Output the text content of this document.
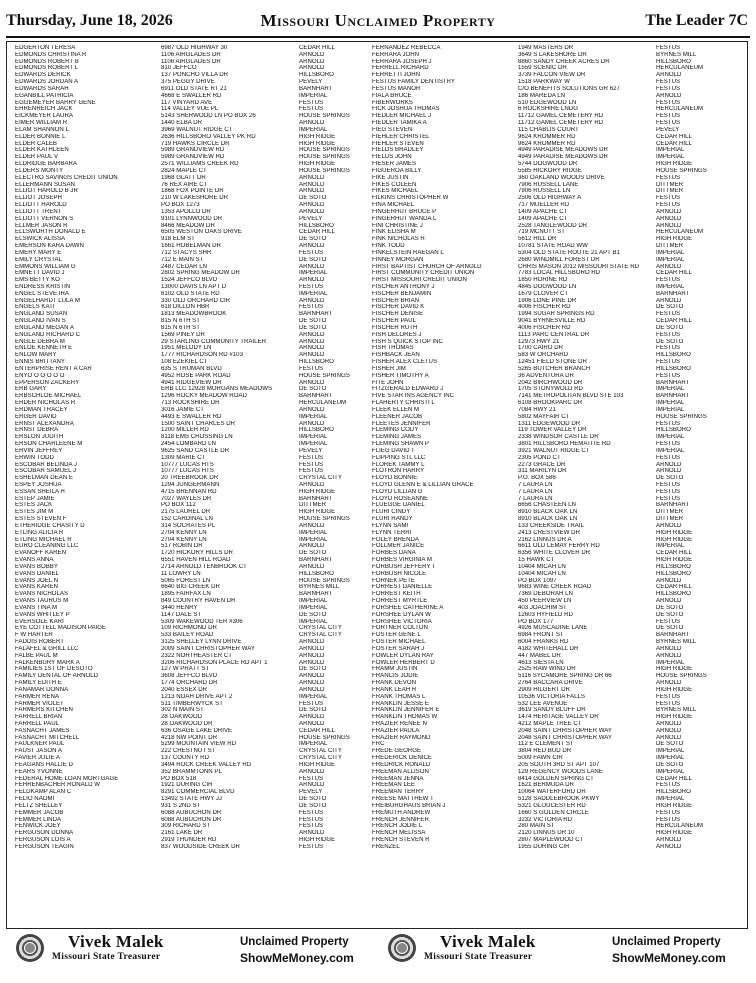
Thursday, June 18, 2026	Missouri Unclaimed Property	The Leader 7C
EDGERTON TERESA	6987 OLD HIGHWAY 30	CEDAR HILL
EDMONDS CHRISTINA R	1106 AIRGLADES DR	ARNOLD
EDMONDS ROBERT B	1106 AIRGLADES DR	ARNOLD
EDMONDS ROBERT L	810 JEFFCO	ARNOLD
EDWARDS DERICK	137 PONCHO VILLA DR	HILLSBORO
EDWARDS JORDAN A	375 PEGGY DRIVE	PEVELY
EDWARDS SARAH	6911 OLD STATE RT 21	BARNHART
EGANBILL PATRICIA	4668 E SWALLER RD	IMPERIAL
EGGEMEYER BARRY GENE	117 VINYARD AVE	FESTUS
EHRENREICH JACK	114 VALLEY VUE PL	FESTUS
EICKMEYER LAURA	5143 SHERWOOD LN PO BOX 26	HOUSE SPRINGS
EIMER WILLIAM R	1440 ELBA DR	ARNOLD
ELAM SHANNON L	3969 WALNUT RIDGE CT	IMPERIAL
ELDER BONNIE L	2636 HILLSBORO VALLEY PK RD	HIGH RIDGE
ELDER CALEB	719 HAWKS CIRCLE DR	HIGH RIDGE
ELDER KATHLEEN	5989 GRANDVIEW RD	HOUSE SPRINGS
ELDER PAUL V	5989 GRANDVIEW RD	HOUSE SPRINGS
ELDRIDGE BARBARA	2571 WILLIAMS CREEK RD	HIGH RIDGE
ELDERS MONTY	2824 MAPLE CT	HOUSE SPRINGS
ELECTRO SAVINGS CREDIT UNION	1968 GLATT DR	ARNOLD
ELLERMANN SUSAN	76 REX AIRE CT	ARNOLD
ELLIOT HAROLD B JR	1868 FOX POINTE DR	ARNOLD
ELLIOT JOSEPH	210 W LAKESHORE DR	DE SOTO
ELLIOTT HAROLD	PO BOX 1273	ARNOLD
ELLIOTT TRENT	1353 APOLLO DR	ARNOLD
ELLIOTT VERNON S	9101 LYNNWOOD DR	PEVELY
ELLMER JASON R	8466 MEADOW DR	HILLSBORO
ELLSWORTH DONALD E	6505 WESTON OAKS DRIVE	CEDAR HILL
ELSWICK ALISSA	918 ELM ST	DE SOTO
EMERSON KARA DAWN	1661 HOBELMAN DR	ARNOLD
EMERY MARY E	712 STACYS SHR	FESTUS
EMILY CRYSTAL	712 E MAIN ST	DE SOTO
EMMONS WILLIAM G	2487 CEDAR LN	ARNOLD
EMNETT DAVID J	2802 SPRING MEADOW DR	IMPERIAL
EMS BETTY KO	1524 JEFFCO BLVD	ARNOLD
ENDRESS KRISTIN	13000 DAVIS LN APT D	FESTUS
ENGEL STEVE IRA	6102 OLD STATE RD	IMPERIAL
ENGELHARDT LULA M	330 OLD ORCHARD CIR	ARNOLD
ENGELS KATI	618 DILLON HBR	FESTUS
ENGLAND SUSAN	1813 MEADOWBROOK	BARNHART
ENGLAND IVAN S	815 N 6TH ST	DE SOTO
ENGLAND MEGAN A	815 N 6TH ST	DE SOTO
ENGLAND RICHARD C	1569 PINEY DR	ARNOLD
ENGLE DEBRA M	29 STARLING COMMUNITY TRAILER	ARNOLD
ENLOE KENNETH E	1951 MELODY LN	ARNOLD
ENLOW MARY	1777 RICHARDSON RD #103	ARNOLD
ENNIS BRITTANY	108 EZEKIEL CT	HILLSBORO
ENTERPRISE RENT A CAR	635 S TRUMAN BLVD	FESTUS
ENYO O O O O O	4952 ROSE PARK ROAD	HOUSE SPRINGS
EPPERSON ZACKERY	4941 RIDGEVIEW DR	ARNOLD
ERB GARY	ERB LLC 12928 MORGANS MEADOWS	DE SOTO
ERBSCHLOE MICHAEL	1296 ROCKY MEADOW ROAD	BARNHART
ERDER NICHOLAS R	713 ROCKSHIRE DR	HERCULANEUM
ERDMAN TRACEY	3016 JAMIE CT	ARNOLD
ERGER DAVID	4493 E SWALLER RD	IMPERIAL
ERNST ALEXANDRA	1500 SAINT CHARLES DR	ARNOLD
ERNST DEBRA	1200 MILLER RD	HILLSBORO
ERSLON JUDITH	8118 EMS CROSSING LN	IMPERIAL
ERSON CHARLEENE M	2454 LOMBARD LN	IMPERIAL
ERVIN JEFFREY	9625 SAND CASTLE DR	PEVELY
ERWIN TODD	1309 MARIE CT	FESTUS
ESCOBAR BELINDA J	10777 LUCAS HTS	FESTUS
ESCOBAR SAMUEL J	10777 LUCAS HTS	FESTUS
ESHELMAN DEAN E	20 TREEBROOK DR	CRYSTAL CITY
ESPEY JOSHUA	1294 JUNGERMANN	ARNOLD
ESSAN SHEILA H	4715 BRENNAN RD	HIGH RIDGE
ESTEP JAMIE	7027 WAYLES DR	BARNHART
ESTES JACK	PO BOX 112	DITTMER
ESTES JIM M	2175 LAUREL DR	HIGH RIDGE
ESTES STEVEN F	152 CARDINAL LN	HOUSE SPRINGS
ETHERIDGE CHASITY D	314 SOCRATES PL	ARNOLD
ETLING ALICIA R	2704 KENNY LN	IMPERIAL
ETLING MICHAEL R	2704 KENNY LN	IMPERIAL
EURO CLEANING LLC	517 ROBIN DR	ARNOLD
EVANOFF KAREN	1720 HICKORY HILLS DR	DE SOTO
EVANS ANNA	6551 HAVEN HILL ROAD	BARNHART
EVANS BOBBY	2714 ARNOLD TENBROOK CT	ARNOLD
EVANS DANIEL	11 LOWRY LN	HILLSBORO
EVANS JOEL N	5065 FOREST LN	HOUSE SPRINGS
EVANS KAREN	6640 BIG CREEK DR	BYRNES MILL
EVANS NICHOLAS	1895 FAIRFAX LN	BARNHART
EVANS TAURUS M	849 COUNTRY HAVEN DR	IMPERIAL
EVANS TINA M	3440 HENRY	IMPERIAL
EVANS WHITLEY P	1147 DALE ST	DE SOTO
EVERSOLE KARI	5309 WAKEWOOD TER #306	IMPERIAL
EYE COTTELL MADISON PAIGE	109 RICHMOND DR	CRYSTAL CITY
F W HARTER	533 BAILEY ROAD	CRYSTAL CITY
FADDIS ROBERT	3125 SHELLEY LYNN DRIVE	ARNOLD
FALAFEL & GRILL LLC	2009 SAINT CHRISTOPHER WAY	ARNOLD
FALBE PAUL M	2322 NORTHEASTER CT	ARNOLD
FALKENBURY MARK A	3206 RICHARDSON PLACE RD APT 1	ARNOLD
FAMILIES 1ST OF DESOTO	127 W PRATT ST	DE SOTO
FAMILY DENTAL OF ARNOLD	3608 JEFFCO BLVD	ARNOLD
FAMILY EDITH E	1774 ORCHARD DR	ARNOLD
FANAMAR DONNA	2040 ESSEX DR	ARNOLD
FARMER RENA	1213 NOAH DRIVE APT 2	IMPERIAL
FARMER VIOLET	511 TIMBERWYCK ST	FESTUS
FARMERS KITCHEN	302 N MAIN ST	DE SOTO
FARRELL BRIAN	28 OAKWOOD	ARNOLD
FARRELL PAUL	28 OAKWOOD DR	ARNOLD
FASNACHT JAMES	636 OSAGE LAKE DRIVE	CEDAR HILL
FASNACHT MITCHELL	4218 NW POINT DR	HOUSE SPRINGS
FAULKNER PAUL	5299 MOUNTAIN VIEW RD	IMPERIAL
FAUST JASON A	222 CHESTNUT ST	CRYSTAL CITY
FAVIER JULIE A	137 COUNTY RD	CRYSTAL CITY
FEAGANS HALLIE D	3494 ROCK CREEK VALLEY RD	HIGH RIDGE
FEARS YVONNE	352 BRAMMTONN PL	ARNOLD
FEDERAL HOME LOAN MORTGAGE	PO BOX 518	FESTUS
FEHRENBACHER RONALD W	1921 DURING CIR	ARNOLD
FELDKAMP ALAN C	8291 COMMERCIAL BLVD	PEVELY
FELIO NAOMI	13492 STATE HWY JJ	DE SOTO
FELTZ SHELLEY	931 S 2ND ST	DE SOTO
FEMMER JACOB	6088 AUBUCHON DR	FESTUS
FEMMER LINDA	6088 AUBUCHON DR	FESTUS
FENWICK JOEY	309 RICHARD ST	FESTUS
FERGUSON DONNA	2161 LAKE DR	ARNOLD
FERGUSON LOIS A	2919 THUNDER RD	HIGH RIDGE
FERGUSON TEAGIN	837 WOODSIDE CREEK DR	FESTUS
FERNANDEZ REBECCA	1949 MASTERS DR	FESTUS
FERRARA JOHN	3649 S LAKESHORE DR	BYRNES MILL
FERRARA JOSEPH J	8860 SANDY CREEK ACRES DR	HILLSBORO
FERRELL RICHARD	1559 SCENIC DR	HERCULANEUM
FERRETTI JOHN	3739 FALCON VIEW DR	ARNOLD
FESTUS FAMILY DENTISTRY	1518 PARKWAY W	FESTUS
FESTUS MANOR	C/O BENEFITS SOLUTIONS GR 627	FESTUS
FIALA BRUCE	186 MAREDA LN	ARNOLD
FIBERWORKS	510 EDGEWOOD LN	FESTUS
FICK JOSHUA THOMAS	6 ROCKSHIRE LNDG	HERCULANEUM
FIEDLER MICHAEL J	11712 GAMEL CEMETERY RD	FESTUS
FIEDLER TAMIKA A	11712 GAMEL CEMETERY RD	FESTUS
FIEG STEVEN	115 CHABLIS COURT	PEVELY
FIEHLER CHRISTEL	9624 KROMMER RD	CEDAR HILL
FIEHLER STEVEN	9624 KROMMER RD	CEDAR HILL
FIELDS BRADLEY	4949 PARADISE MEADOWS DR	IMPERIAL
FIELDS JOHN	4949 PARADISE MEADOWS DR	IMPERIAL
FIESER JAMES	5744 DOGWOOD DR	HIGH RIDGE
FIGUEROA BILLY	5585 HICKORY RIDGE	HOUSE SPRINGS
FIKE JUSTIN	360 OAKLAND WOODS DRIVE	FESTUS
FIKES COLEEN	7906 RUSSELL LANE	DITTMER
FIKES MICHAEL	7906 RUSSELL LN	DITTMER
FILKINS CHRISTOPHER W	2506 OLD HIGHWAY A	FESTUS
FINA MICHAEL	717 MUELLER RD	FESTUS
FINGERHUT BRUCE P	1409 APACHE CT	ARNOLD
FINGERHUT WANDA L	1409 APACHE CT	ARNOLD
FINI CHRISTINE J	2528 TANGLEWOOD DR	ARNOLD
FINK ELISHA M	719 MCNUTT ST	HERCULANEUM
FINK NICHOLAS R	5612 HILL DR	HIGH RIDGE
FINK TODD	10781 STATE ROAD WW	DITTMER
FINKELSTEIN RAEGAN L	5304 OLD STATE ROUTE 21 APT B1	IMPERIAL
FINNEY MORGAN	2680 WINDMILL FOREST DR	IMPERIAL
FIRST BAPTIST CHURCH OF ARNOLD	CHRIS MASON 2012 MISSOURI STATE RD	ARNOLD
FIRST COMMUNITY CREDIT UNION	7783 LOCAL HILLSBORO RD	CEDAR HILL
FIRST MISSOURI CREDIT UNION	1850 HORINE RD	FESTUS
FISCHER ANTHONY J	4845 DOGWOOD LN	IMPERIAL
FISCHER BENJAMIN	1679 CLOVER CT	BARNHART
FISCHER BRIAN	1906 LONE PINE DR	ARNOLD
FISCHER DAVID K	4006 FISCHER RD	DE SOTO
FISCHER DENISE	1994 SUGAR SPRINGS RD	FESTUS
FISCHER PAUL	9041 BYRNESVILLE RD	CEDAR HILL
FISCHER RUTH	4006 FISCHER RD	DE SOTO
FISH DELORES J	1113 PARC CENTRAL DR	FESTUS
FISH S QUICK STOP INC	12973 HWY 21	DE SOTO
FISH THOMAS	1700 CAIRO DR	FESTUS
FISHBACK JEAN	583 W ORCHARD	HILLSBORO
FISHER ALEX CLETUS	12451 FIELD STONE DR	FESTUS
FISHER JIM	5265 BUTCHER BRANCH	HILLSBORO
FISHER TIMOTHY A	36 ADVENTURA DR	FESTUS
FITE JOHN	2042 BIRCHWOOD DR	BARNHART
FITZGERALD EDWARD J	1705 STONYWOLD RD	IMPERIAL
FIVE STAR INS AGENCY INC	7141 METROPOLITAN BLVD STE 103	BARNHART
FLAHERTY CHRISTI L	6108 BROOKPARC DR	IMPERIAL
FLEEK ELLEN M	7084 HWY 21	IMPERIAL
FLEENER JACOB	5802 MAYFAIR CT	HOUSE SPRINGS
FLEETES JENNIFER	1311 EDGEWOOD DR	FESTUS
FLEMING CODY	119 TOWER VALLEY DR	HILLSBORO
FLEMING JAMES	2338 WINDSOR CASTLE DR	IMPERIAL
FLEMING SHAWN P	3801 HILLSBORO HEMATITE RD	FESTUS
FLIEG DAVID T	3921 WALNUT RIDGE CT	IMPERIAL
FLIPPING STL LLC	2305 POND CT	FESTUS
FLOREK TAMMY L	2273 GRACE DR	ARNOLD
FLOTRON HARRY	311 MARILYN DR	ARNOLD
FLOYD BONNIE	P.O. BOX 586	DE SOTO
FLOYD GLENN E & LILLIAN GRACE	7 LAURA LN	FESTUS
FLOYD LILLIAN G	7 LAURA LN	FESTUS
FLOYD ROSEANNE	7 LAURA LN	FESTUS
FLUEGGE DANIEL	6656 CHASTEEN LN	BARNHART
FLURI CINDY	8910 BLACK OAK LN	DITTMER
FLURI RANDY	8910 BLACK OAK LN	DITTMER
FLYNN SAMI	133 CREEKSIDE TRAIL	ARNOLD
FLYNN TERRI	2413 CRESTVIEW DR	HIGH RIDGE
FOLEY BRENDA	2162 LINNUS DR A	HIGH RIDGE
FOLLMER JANICE	6611 OLD LEMAY FERRY RD	IMPERIAL
FORBES DANA	6356 WHITE CLOVER DR	CEDAR HILL
FORBES VIRGINIA M	15 HAWK CT	HIGH RIDGE
FORBUSH JEFFERY T	10404 MICAH LN	HILLSBORO
FORBUSH NICOLE	10404 MICAH LN	HILLSBORO
FORNEK PETE	PO BOX 1097	ARNOLD
FORREST DANIELLE	9683 WINE CREEK ROAD	CEDAR HILL
FORREST KEITH	7369 DEBORAH LN	HILLSBORO
FORREST MYRTLE	450 PEERVIEW LN	ARNOLD
FORSHEE CATHERINE A	403 JOACHIM ST	DE SOTO
FORSHEE DYLAN W	12603 HYFIELD RD	DE SOTO
FORSHEE VICTORIA	PO BOX 177	FESTUS
FORTNER COLTON	4926 MUSCADINE LANE	DE SOTO
FOSTER GENE L	6984 FRONT ST	BARNHART
FOSTER MICHAEL	6004 FRANKS RD	BYRNES MILL
FOSTER SARAH J	4182 WHITEHALL DR	ARNOLD
FOWLER DYLAN RAY	447 MABEL DR	ARNOLD
FOWLER HERBERT D	4613 SIESTA LN	IMPERIAL
FRAMM JUSTIN	2525 RAW WIND DR	HIGH RIDGE
FRANCIS JODIE	5116 SYCAMORE SPRING DR 66	HOUSE SPRINGS
FRANK DEVON	2764 BACCARA DRIVE	ARNOLD
FRANK LEAH R	2909 HILGERT DR	HIGH RIDGE
FRANK THOMAS L	10536 VICTORIA FALLS	FESTUS
FRANKLIN JESSE E	532 LEE AVENUE	FESTUS
FRANKLIN JENNIFER E	3619 SANDY BLUFF DR	BYRNES MILL
FRANKLIN THOMAS W	1474 HERITAGE VALLEY DR	HIGH RIDGE
FRAZIER RENEE N	4212 MAPLE TREE CT	ARNOLD
FRAZIER PAULA	2048 SAINT CHRISTOPHER WAY	ARNOLD
FRAZIER RAYMOND	2048 SAINT CHRISTOPHER WAY	ARNOLD
FRC	112 E CLEMENT ST	DE SOTO
FREDE GEORGE	3804 RED BUD DR	IMPERIAL
FREDERICK DENICE	5009 FAWN CIR	IMPERIAL
FREDRICK RONALD	205 SOUTH 3RD ST APT 107	DE SOTO
FREEMAN ALLISON	129 REGENCY WOODS LANE	IMPERIAL
FREEMAN JENNA	8414 GOLDEN SPRING CT	CEDAR HILL
FREEMAN LEE	1621 BERMUDA DR	FESTUS
FREEMAN TERRY	10064 WATERFORD DR	HILLSBORO
FREESE MATTHEW T	5128 SADDLEBROOK PKWY	IMPERIAL
FREIBURGHAUS BRIAN J	5321 GLOUCESTER RD	HIGH RIDGE
FREMUTH ANDREW	1660 S GOLDEN CIRCLE	FESTUS
FRENCH JENNIFER	3232 VICTORIA RD	FESTUS
FRENCH JODIE L	280 MAIN ST	HERCULANEUM
FRENCH MELISSA	2120 LINNUS DR 10	HIGH RIDGE
FRENCH STEVEN R	2807 MAPLEWOOD CT	ARNOLD
FRENZEL	1955 DURING CIR	ARNOLD
Vivek Malek
Missouri State Treasurer
Unclaimed Property
ShowMeMoney.com
Vivek Malek
Missouri State Treasurer
Unclaimed Property
ShowMeMoney.com
